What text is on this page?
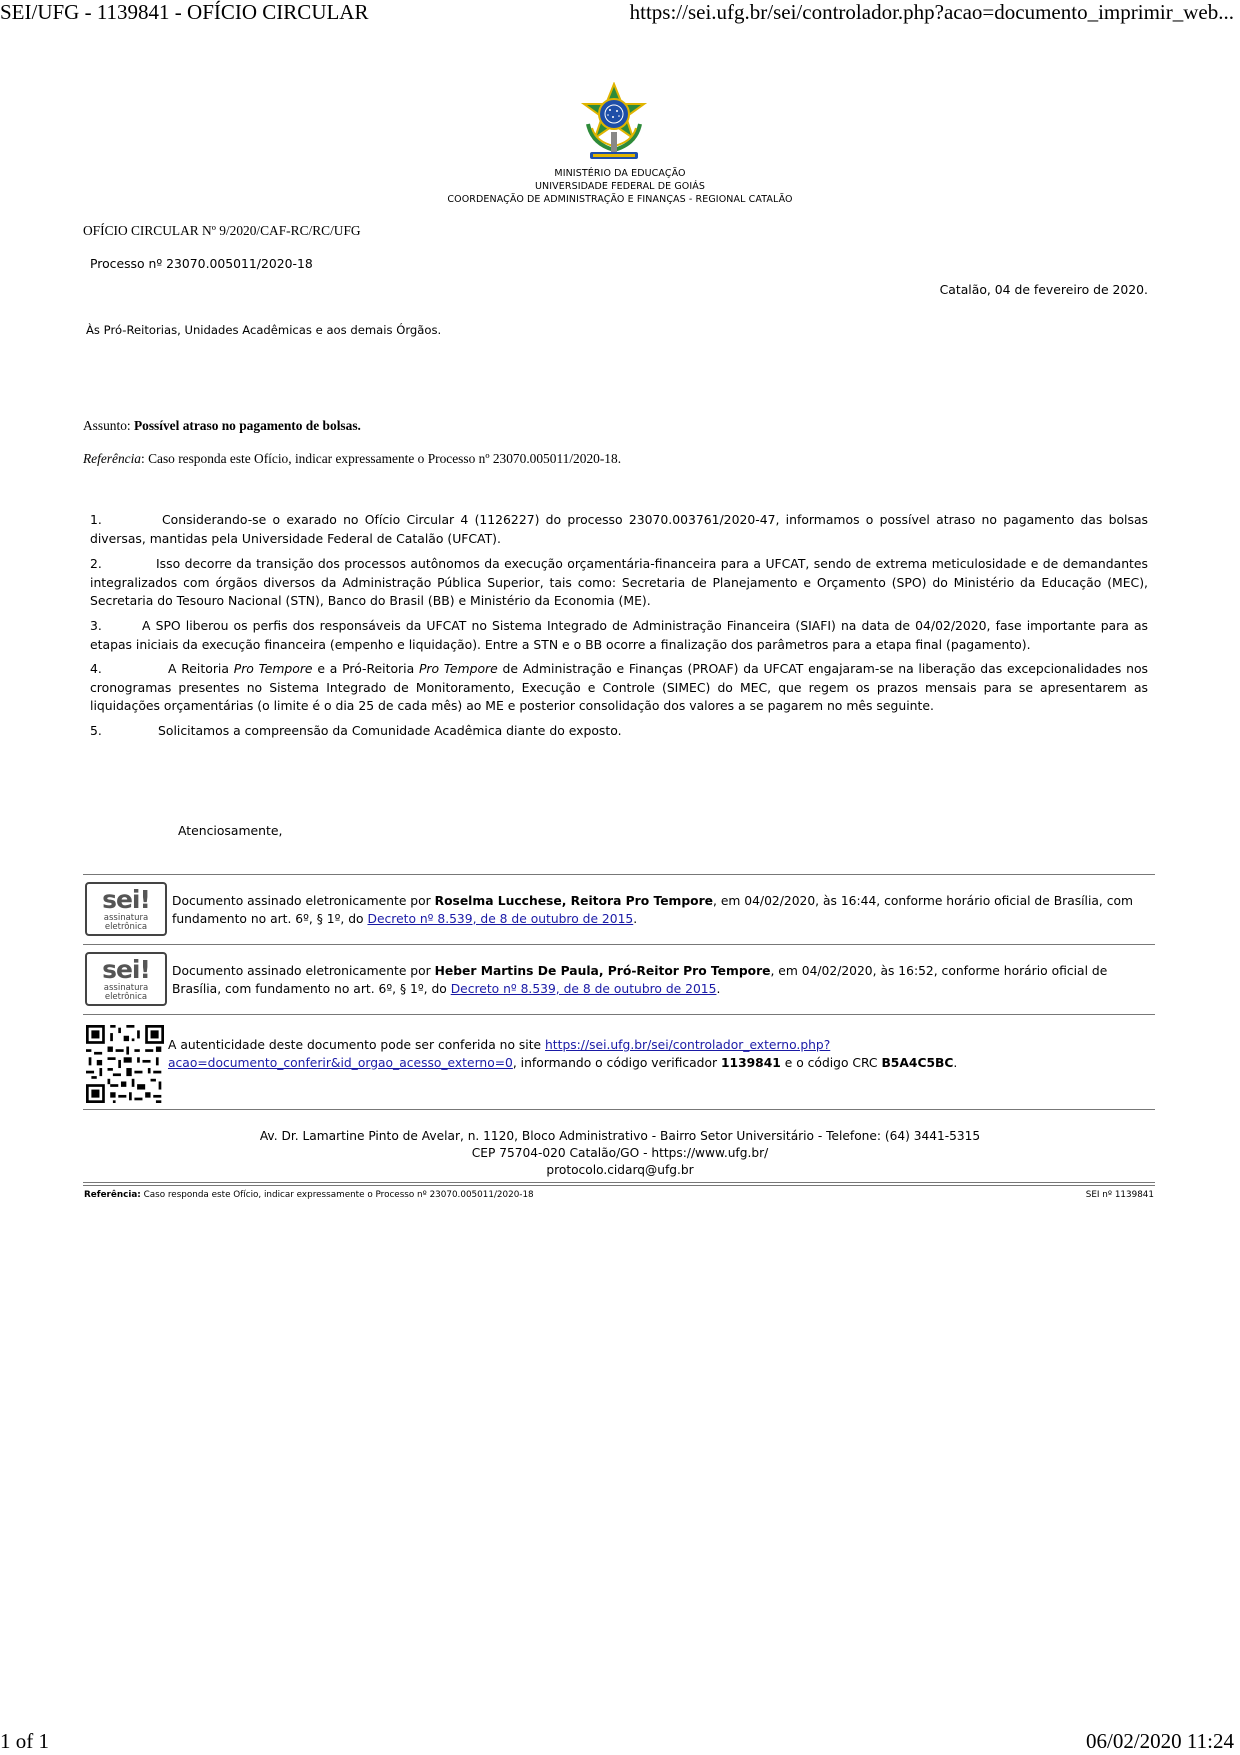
SEI/UFG - 1139841 - OFÍCIO CIRCULAR	https://sei.ufg.br/sei/controlador.php?acao=documento_imprimir_web...
MINISTÉRIO DA EDUCAÇÃO
UNIVERSIDADE FEDERAL DE GOIÁS
COORDENAÇÃO DE ADMINISTRAÇÃO E FINANÇAS - REGIONAL CATALÃO
OFÍCIO CIRCULAR Nº 9/2020/CAF-RC/RC/UFG
Processo nº 23070.005011/2020-18
Catalão, 04 de fevereiro de 2020.
Às Pró-Reitorias, Unidades Acadêmicas e aos demais Órgãos.
Assunto: Possível atraso no pagamento de bolsas.
Referência: Caso responda este Ofício, indicar expressamente o Processo nº 23070.005011/2020-18.
1.	Considerando-se o exarado no Ofício Circular 4 (1126227) do processo 23070.003761/2020-47, informamos o possível atraso no pagamento das bolsas diversas, mantidas pela Universidade Federal de Catalão (UFCAT).
2.	Isso decorre da transição dos processos autônomos da execução orçamentária-financeira para a UFCAT, sendo de extrema meticulosidade e de demandantes integralizados com órgãos diversos da Administração Pública Superior, tais como: Secretaria de Planejamento e Orçamento (SPO) do Ministério da Educação (MEC), Secretaria do Tesouro Nacional (STN), Banco do Brasil (BB) e Ministério da Economia (ME).
3.	A SPO liberou os perfis dos responsáveis da UFCAT no Sistema Integrado de Administração Financeira (SIAFI) na data de 04/02/2020, fase importante para as etapas iniciais da execução financeira (empenho e liquidação). Entre a STN e o BB ocorre a finalização dos parâmetros para a etapa final (pagamento).
4.	A Reitoria Pro Tempore e a Pró-Reitoria Pro Tempore de Administração e Finanças (PROAF) da UFCAT engajaram-se na liberação das excepcionalidades nos cronogramas presentes no Sistema Integrado de Monitoramento, Execução e Controle (SIMEC) do MEC, que regem os prazos mensais para se apresentarem as liquidações orçamentárias (o limite é o dia 25 de cada mês) ao ME e posterior consolidação dos valores a se pagarem no mês seguinte.
5.	Solicitamos a compreensão da Comunidade Acadêmica diante do exposto.
Atenciosamente,
sei!
assinatura
eletrônica
Documento assinado eletronicamente por Roselma Lucchese, Reitora Pro Tempore, em 04/02/2020, às 16:44, conforme horário oficial de Brasília, com fundamento no art. 6º, § 1º, do Decreto nº 8.539, de 8 de outubro de 2015.
sei!
assinatura
eletrônica
Documento assinado eletronicamente por Heber Martins De Paula, Pró-Reitor Pro Tempore, em 04/02/2020, às 16:52, conforme horário oficial de Brasília, com fundamento no art. 6º, § 1º, do Decreto nº 8.539, de 8 de outubro de 2015.
A autenticidade deste documento pode ser conferida no site https://sei.ufg.br/sei/controlador_externo.php?acao=documento_conferir&id_orgao_acesso_externo=0, informando o código verificador 1139841 e o código CRC B5A4C5BC.
Av. Dr. Lamartine Pinto de Avelar, n. 1120, Bloco Administrativo - Bairro Setor Universitário - Telefone: (64) 3441-5315
CEP 75704-020 Catalão/GO - https://www.ufg.br/
protocolo.cidarq@ufg.br
Referência: Caso responda este Ofício, indicar expressamente o Processo nº 23070.005011/2020-18	SEI nº 1139841
1 of 1	06/02/2020 11:24
